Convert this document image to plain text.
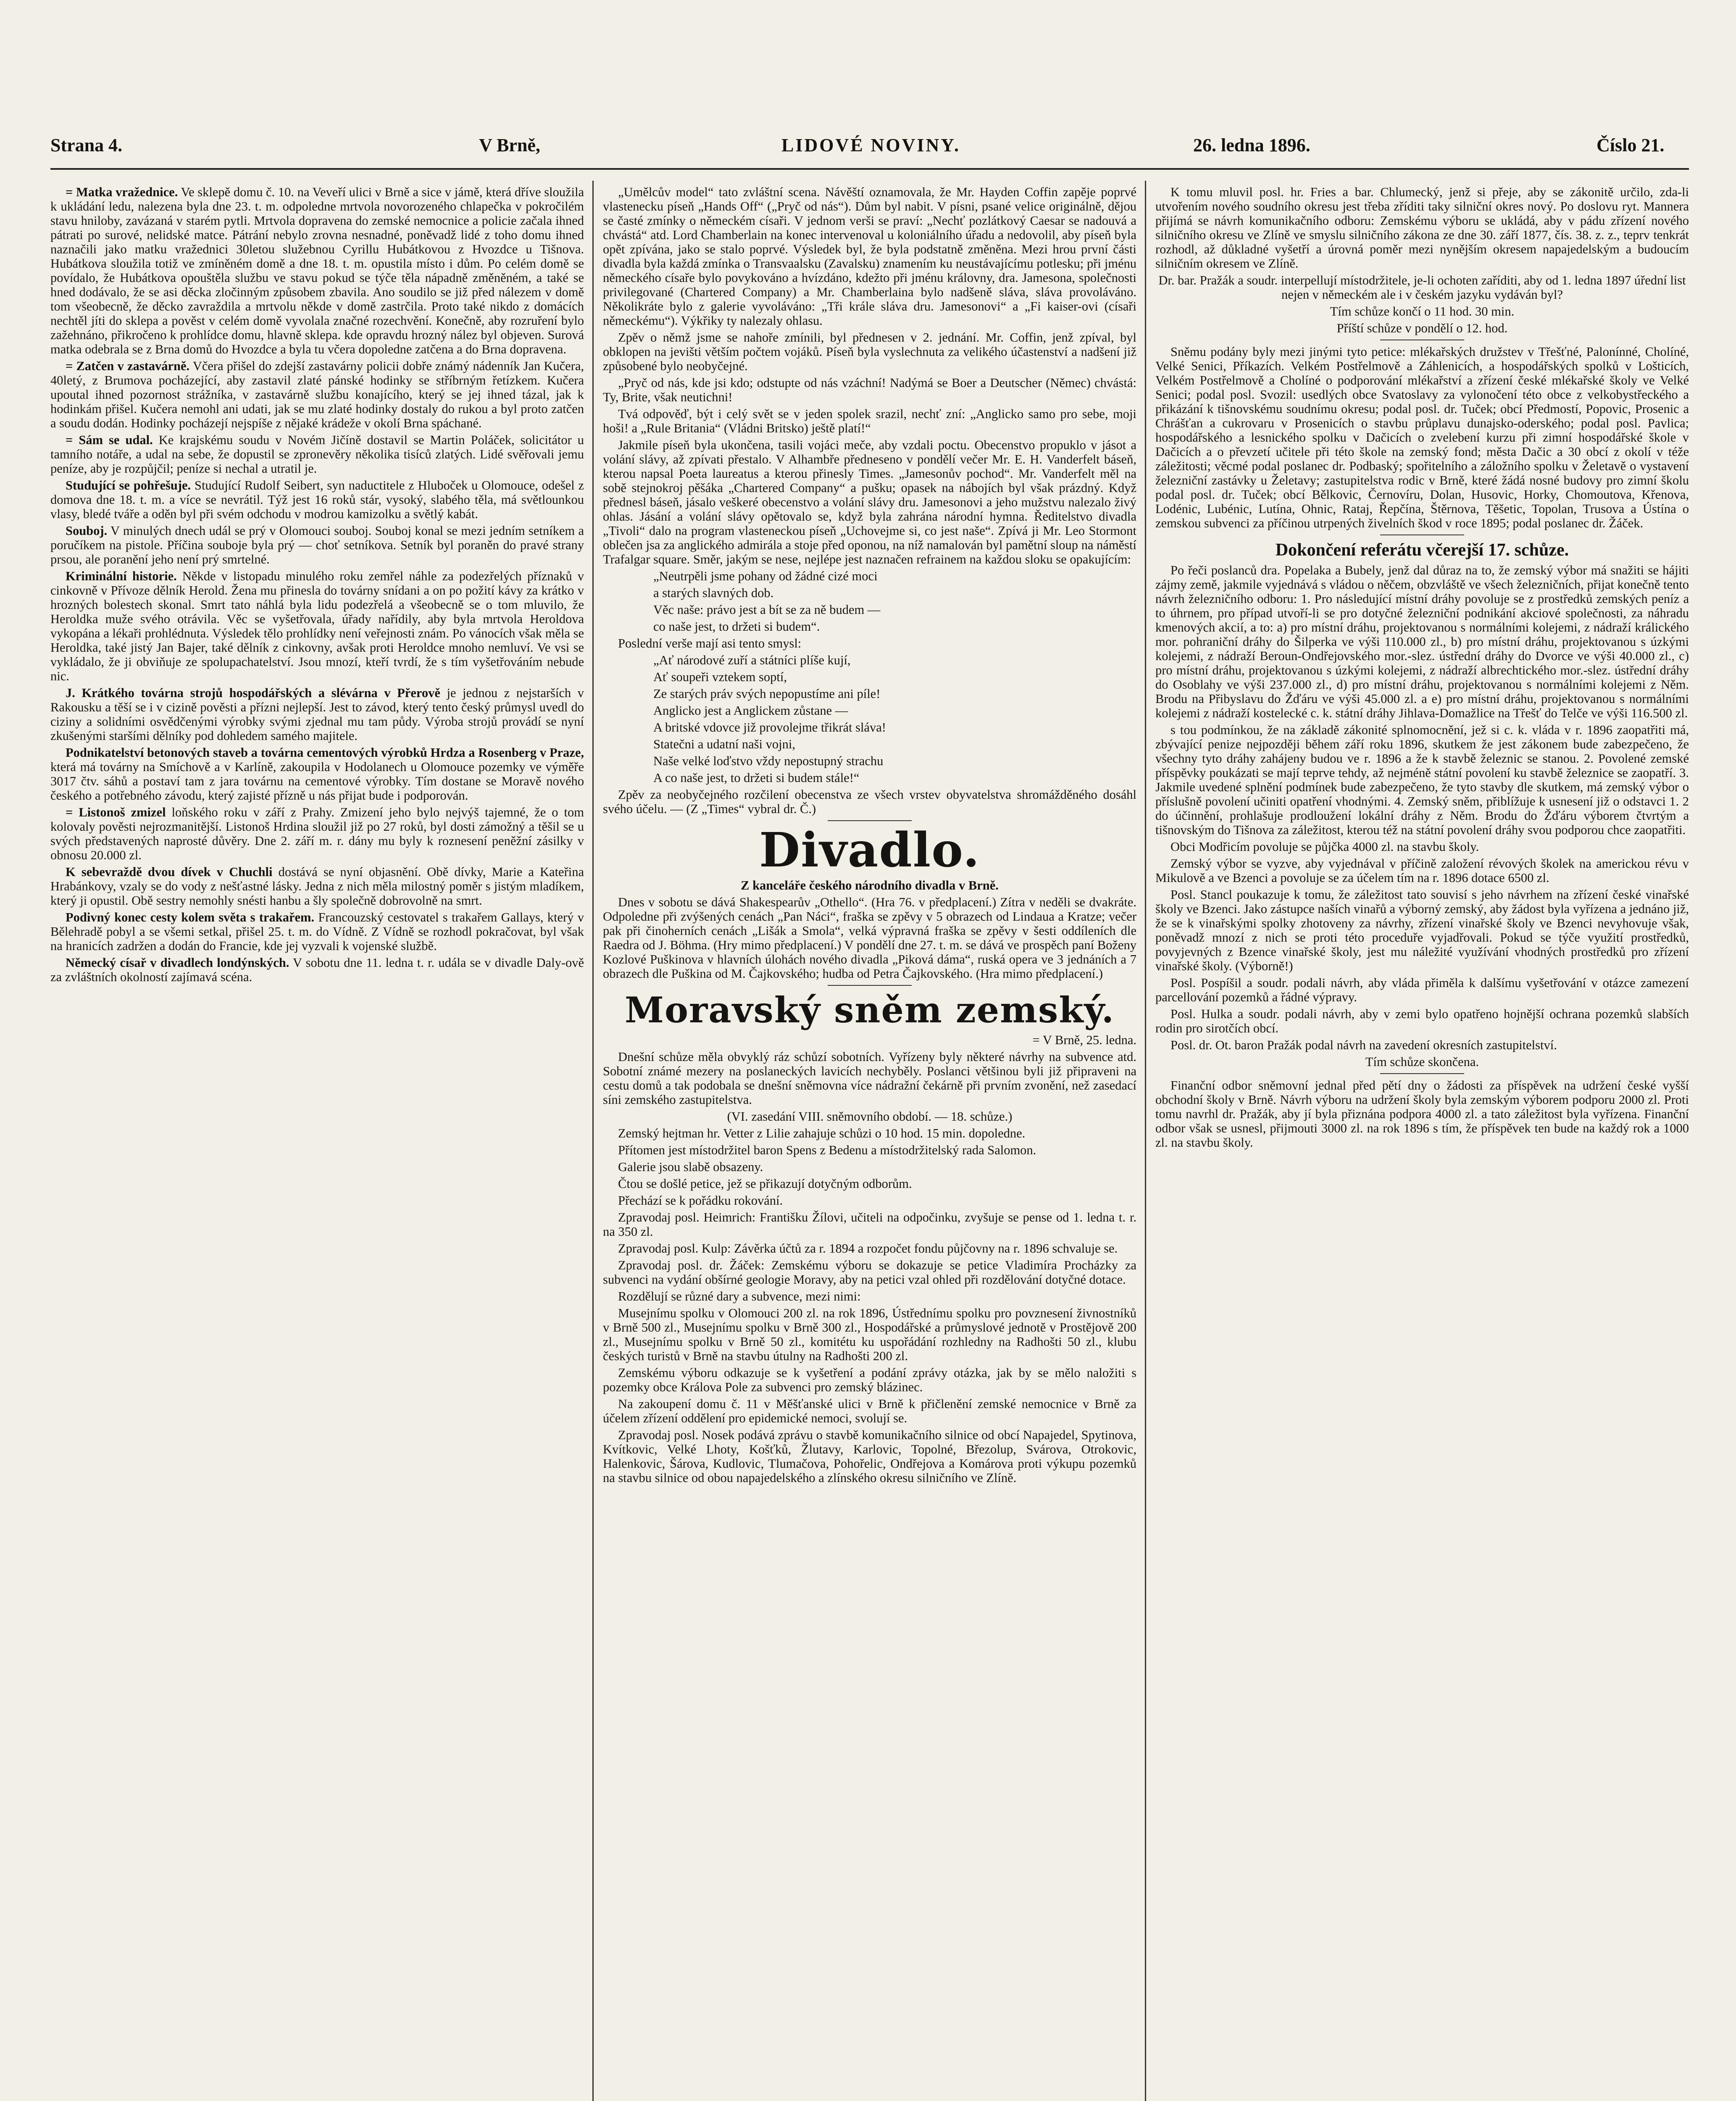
Strana 4.	V Brně,	LIDOVÉ NOVINY.	26. ledna 1896.	Číslo 21.

= Matka vražednice. Ve sklepě domu č. 10. na Veveří ulici v Brně a sice v jámě, která dříve sloužila k ukládání ledu, nalezena byla dne 23. t. m. odpoledne mrtvola novorozeného chlapečka v pokročilém stavu hniloby, zavázaná v starém pytli. Mrtvola dopravena do zemské nemocnice a policie začala ihned pátrati po surové, nelidské matce. Pátrání nebylo zrovna nesnadné, poněvadž lidé z toho domu ihned naznačili jako matku vražednici 30letou služebnou Cyrillu Hubátkovou z Hvozdce u Tišnova. Hubátkova sloužila totiž ve zmíněném domě a dne 18. t. m. opustila místo i dům. Po celém domě se povídalo, že Hubátkova opouštěla službu ve stavu pokud se týče těla nápadně změněném, a také se hned dodávalo, že se asi děcka zločinným způsobem zbavila. Ano soudilo se již před nálezem v domě tom všeobecně, že děcko zavraždila a mrtvolu někde v domě zastrčila. Proto také nikdo z domácích nechtěl jíti do sklepa a pověst v celém domě vyvolala značné rozechvění. Konečně, aby rozruření bylo zažehnáno, přikročeno k prohlídce domu, hlavně sklepa. kde opravdu hrozný nález byl objeven. Surová matka odebrala se z Brna domů do Hvozdce a byla tu včera dopoledne zatčena a do Brna dopravena.

= Zatčen v zastavárně. Včera přišel do zdejší zastavárny policii dobře známý nádenník Jan Kučera, 40letý, z Brumova pocházející, aby zastavil zlaté pánské hodinky se stříbrným řetízkem. Kučera upoutal ihned pozornost strážníka, v zastavárně službu konajícího, který se jej ihned tázal, jak k hodinkám přišel. Kučera nemohl ani udati, jak se mu zlaté hodinky dostaly do rukou a byl proto zatčen a soudu dodán. Hodinky pocházejí nejspíše z nějaké krádeže v okolí Brna spáchané.

= Sám se udal. Ke krajskému soudu v Novém Jičíně dostavil se Martin Poláček, solicitátor u tamního notáře, a udal na sebe, že dopustil se zpronevěry několika tisíců zlatých. Lidé svěřovali jemu peníze, aby je rozpůjčil; peníze si nechal a utratil je.

Studující se pohřešuje. Studující Rudolf Seibert, syn naductitele z Hluboček u Olomouce, odešel z domova dne 18. t. m. a více se nevrátil. Týž jest 16 roků stár, vysoký, slabého těla, má světlounkou vlasy, bledé tváře a oděn byl při svém odchodu v modrou kamizolku a světlý kabát.

Souboj. V minulých dnech udál se prý v Olomouci souboj. Souboj konal se mezi jedním setníkem a poručíkem na pistole. Příčina souboje byla prý — choť setníkova. Setník byl poraněn do pravé strany prsou, ale poranění jeho není prý smrtelné.

Kriminální historie. Někde v listopadu minulého roku zemřel náhle za podezřelých příznaků v cinkovně v Přívoze dělník Herold. Žena mu přinesla do továrny snídani a on po požití kávy za krátko v hrozných bolestech skonal. Smrt tato náhlá byla lidu podezřelá a všeobecně se o tom mluvilo, že Heroldka muže svého otrávila. Věc se vyšetřovala, úřady nařídily, aby byla mrtvola Heroldova vykopána a lékaři prohlédnuta. Výsledek tělo prohlídky není veřejnosti znám. Po vánocích však měla se Heroldka, také jistý Jan Bajer, také dělník z cinkovny, avšak proti Heroldce mnoho nemluví. Ve vsi se vykládalo, že ji obviňuje ze spolupachatelství. Jsou mnozí, kteří tvrdí, že s tím vyšetřováním nebude nic.

J. Krátkého továrna strojů hospodářských a slévárna v Přerově je jednou z nejstarších v Rakousku a těší se i v cizině pověsti a přízni nejlepší. Jest to závod, který tento český průmysl uvedl do ciziny a solidními osvědčenými výrobky svými zjednal mu tam půdy. Výroba strojů provádí se nyní zkušenými staršími dělníky pod dohledem samého majitele.

Podnikatelství betonových staveb a továrna cementových výrobků Hrdza a Rosenberg v Praze, která má továrny na Smíchově a v Karlíně, zakoupila v Hodolanech u Olomouce pozemky ve výměře 3017 čtv. sáhů a postaví tam z jara továrnu na cementové výrobky. Tím dostane se Moravě nového českého a potřebného závodu, který zajisté přízně u nás přijat bude i podporován.

= Listonoš zmizel loňského roku v září z Prahy. Zmizení jeho bylo nejvýš tajemné, že o tom kolovaly pověsti nejrozmanitější. Listonoš Hrdina sloužil již po 27 roků, byl dosti zámožný a těšil se u svých představených naprosté důvěry. Dne 2. září m. r. dány mu byly k roznesení peněžní zásilky v obnosu 20.000 zl.

K sebevraždě dvou dívek v Chuchli dostává se nyní objasnění. Obě dívky, Marie a Kateřina Hrabánkovy, vzaly se do vody z nešťastné lásky. Jedna z nich měla milostný poměr s jistým mladíkem, který ji opustil. Obě sestry nemohly snésti hanbu a šly společně dobrovolně na smrt.

Podivný konec cesty kolem světa s trakařem. Francouzský cestovatel s trakařem Gallays, který v Bělehradě pobyl a se všemi setkal, přišel 25. t. m. do Vídně. Z Vídně se rozhodl pokračovat, byl však na hranicích zadržen a dodán do Francie, kde jej vyzvali k vojenské službě.

Německý císař v divadlech londýnských. V sobotu dne 11. ledna t. r. udála se v divadle Daly-ově za zvláštních okolností zajímavá scéna.

„Umělcův model“ tato zvláštní scena. Návěští oznamovala, že Mr. Hayden Coffin zapěje poprvé vlastenecku píseň „Hands Off“ („Pryč od nás“). Dům byl nabit. V písni, psané velice originálně, dějou se časté zmínky o německém císaři. V jednom verši se praví: „Nechť pozlátkový Caesar se nadouvá a chvástá“ atd. Lord Chamberlain na konec intervenoval u koloniálního úřadu a nedovolil, aby píseň byla opět zpívána, jako se stalo poprvé. Výsledek byl, že byla podstatně změněna. Mezi hrou první části divadla byla každá zmínka o Transvaalsku (Zavalsku) znamením ku neustávajícímu potlesku; při jménu německého císaře bylo povykováno a hvízdáno, kdežto při jménu královny, dra. Jamesona, společnosti privilegované (Chartered Company) a Mr. Chamberlaina bylo nadšeně sláva, sláva provoláváno. Několikráte bylo z galerie vyvoláváno: „Tři krále sláva dru. Jamesonovi“ a „Fi kaiser-ovi (císaři německému“). Výkřiky ty nalezaly ohlasu.

Zpěv o němž jsme se nahoře zmínili, byl přednesen v 2. jednání. Mr. Coffin, jenž zpíval, byl obklopen na jevišti větším počtem vojáků. Píseň byla vyslechnuta za velikého účastenství a nadšení již způsobené bylo neobyčejné.

„Pryč od nás, kde jsi kdo; odstupte od nás vzáchní! Nadýmá se Boer a Deutscher (Němec) chvástá: Ty, Brite, však neutichni!

Tvá odpověď, být i celý svět se v jeden spolek srazil, nechť zní: „Anglicko samo pro sebe, moji hoši! a „Rule Britania“ (Vládni Britsko) ještě platí!“

Jakmile píseň byla ukončena, tasili vojáci meče, aby vzdali poctu. Obecenstvo propuklo v jásot a volání slávy, až zpívati přestalo. V Alhambře předneseno v pondělí večer Mr. E. H. Vanderfelt báseň, kterou napsal Poeta laureatus a kterou přinesly Times. „Jamesonův pochod“. Mr. Vanderfelt měl na sobě stejnokroj pěšáka „Chartered Company“ a pušku; opasek na nábojích byl však prázdný. Když přednesl báseň, jásalo veškeré obecenstvo a volání slávy dru. Jamesonovi a jeho mužstvu nalezalo živý ohlas. Jásání a volání slávy opětovalo se, když byla zahrána národní hymna. Ředitelstvo divadla „Tivoli“ dalo na program vlasteneckou píseň „Uchovejme si, co jest naše“. Zpívá ji Mr. Leo Stormont oblečen jsa za anglického admirála a stoje před oponou, na níž namalován byl pamětní sloup na náměstí Trafalgar square. Směr, jakým se nese, nejlépe jest naznačen refrainem na každou sloku se opakujícím:

„Neutrpěli jsme pohany od žádné cizé moci

a starých slavných dob.

Věc naše: právo jest a bít se za ně budem —

co naše jest, to držeti si budem“.

Poslední verše mají asi tento smysl:

„Ať národové zuří a státníci plíše kují,

Ať soupeři vztekem soptí,

Ze starých práv svých nepopustíme ani píle!

Anglicko jest a Anglickem zůstane —

A britské vdovce již provolejme třikrát sláva!

Statečni a udatní naši vojni,

Naše velké loďstvo vždy nepostupný strachu

A co naše jest, to držeti si budem stále!“

Zpěv za neobyčejného rozčilení obecenstva ze všech vrstev obyvatelstva shromážděného dosáhl svého účelu. — (Z „Times“ vybral dr. Č.)

Divadlo.

Z kanceláře českého národního divadla v Brně.

Dnes v sobotu se dává Shakespearův „Othello“. (Hra 76. v předplacení.) Zítra v neděli se dvakráte. Odpoledne při zvýšených cenách „Pan Náci“, fraška se zpěvy v 5 obrazech od Lindaua a Kratze; večer pak při činoherních cenách „Lišák a Smola“, velká výpravná fraška se zpěvy v šesti oddíleních dle Raedra od J. Böhma. (Hry mimo předplacení.) V pondělí dne 27. t. m. se dává ve prospěch paní Boženy Kozlové Puškinova v hlavních úlohách nového divadla „Piková dáma“, ruská opera ve 3 jednáních a 7 obrazech dle Puškina od M. Čajkovského; hudba od Petra Čajkovského. (Hra mimo předplacení.)

Moravský sněm zemský.

= V Brně, 25. ledna.

Dnešní schůze měla obvyklý ráz schůzí sobotních. Vyřízeny byly některé návrhy na subvence atd. Sobotní známé mezery na poslaneckých lavicích nechyběly. Poslanci většinou byli již připraveni na cestu domů a tak podobala se dnešní sněmovna více nádražní čekárně při prvním zvonění, než zasedací síni zemského zastupitelstva.

(VI. zasedání VIII. sněmovního období. — 18. schůze.)

Zemský hejtman hr. Vetter z Lilie zahajuje schůzi o 10 hod. 15 min. dopoledne.

Přítomen jest místodržitel baron Spens z Bedenu a místodržitelský rada Salomon.

Galerie jsou slabě obsazeny.

Čtou se došlé petice, jež se přikazují dotyčným odborům.

Přechází se k pořádku rokování.

Zpravodaj posl. Heimrich: Františku Žílovi, učiteli na odpočinku, zvyšuje se pense od 1. ledna t. r. na 350 zl.

Zpravodaj posl. Kulp: Závěrka účtů za r. 1894 a rozpočet fondu půjčovny na r. 1896 schvaluje se.

Zpravodaj posl. dr. Žáček: Zemskému výboru se dokazuje se petice Vladimíra Procházky za subvenci na vydání obšírné geologie Moravy, aby na petici vzal ohled při rozdělování dotyčné dotace.

Rozdělují se různé dary a subvence, mezi nimi:

Musejnímu spolku v Olomouci 200 zl. na rok 1896, Ústřednímu spolku pro povznesení živnostníků v Brně 500 zl., Musejnímu spolku v Brně 300 zl., Hospodářské a průmyslové jednotě v Prostějově 200 zl., Musejnímu spolku v Brně 50 zl., komitétu ku uspořádání rozhledny na Radhošti 50 zl., klubu českých turistů v Brně na stavbu útulny na Radhošti 200 zl.

Zemskému výboru odkazuje se k vyšetření a podání zprávy otázka, jak by se mělo naložiti s pozemky obce Králova Pole za subvenci pro zemský blázinec.

Na zakoupení domu č. 11 v Měšťanské ulici v Brně k přičlenění zemské nemocnice v Brně za účelem zřízení oddělení pro epidemické nemoci, svolují se.

Zpravodaj posl. Nosek podává zprávu o stavbě komunikačního silnice od obcí Napajedel, Spytinova, Kvítkovic, Velké Lhoty, Košťků, Žlutavy, Karlovic, Topolné, Březolup, Svárova, Otrokovic, Halenkovic, Šárova, Kudlovic, Tlumačova, Pohořelic, Ondřejova a Komárova proti výkupu pozemků na stavbu silnice od obou napajedelského a zlínského okresu silničního ve Zlíně.

K tomu mluvil posl. hr. Fries a bar. Chlumecký, jenž si přeje, aby se zákonitě určilo, zda-li utvořením nového soudního okresu jest třeba zříditi taky silniční okres nový. Po doslovu ryt. Mannera přijímá se návrh komunikačního odboru: Zemskému výboru se ukládá, aby v pádu zřízení nového silničního okresu ve Zlíně ve smyslu silničního zákona ze dne 30. září 1877, čís. 38. z. z., teprv tenkrát rozhodl, až důkladné vyšetří a úrovná poměr mezi nynějším okresem napajedelským a budoucím silničním okresem ve Zlíně.

Dr. bar. Pražák a soudr. interpellují místodržitele, je-li ochoten zaříditi, aby od 1. ledna 1897 úřední list nejen v německém ale i v českém jazyku vydáván byl?

Tím schůze končí o 11 hod. 30 min.

Příští schůze v pondělí o 12. hod.

Sněmu podány byly mezi jinými tyto petice: mlékařských družstev v Třešťné, Palonínné, Cholíné, Velké Senici, Příkazích. Velkém Postřelmově a Záhlenicích, a hospodářských spolků v Lošticích, Velkém Postřelmově a Cholíné o podporování mlékařství a zřízení české mlékařské školy ve Velké Senici; podal posl. Svozil: usedlých obce Svatoslavy za vylonočení této obce z velkobystřeckého a přikázání k tišnovskému soudnímu okresu; podal posl. dr. Tuček; obcí Předmostí, Popovic, Prosenic a Chrášťan a cukrovaru v Prosenicích o stavbu průplavu dunajsko-oderského; podal posl. Pavlica; hospodářského a lesnického spolku v Dačicích o zvelebení kurzu při zimní hospodářské škole v Dačicích a o převzetí učitele při této škole na zemský fond; města Dačic a 30 obcí z okolí v téže záležitosti; věcmé podal poslanec dr. Podbaský; spořitelního a záložního spolku v Želetavě o vystavení železniční zastávky u Želetavy; zastupitelstva rodic v Brně, které žádá nosné budovy pro zimní školu podal posl. dr. Tuček; obcí Bělkovic, Černovíru, Dolan, Husovic, Horky, Chomoutova, Křenova, Lodénic, Lubénic, Lutína, Ohnic, Rataj, Řepčína, Štěrnova, Těšetic, Topolan, Trusova a Ústína o zemskou subvenci za příčinou utrpených živelních škod v roce 1895; podal poslanec dr. Žáček.

Dokončení referátu včerejší 17. schůze.

Po řeči poslanců dra. Popelaka a Bubely, jenž dal důraz na to, že zemský výbor má snažiti se hájiti zájmy země, jakmile vyjednává s vládou o něčem, obzvláště ve všech železničních, přijat konečně tento návrh železničního odboru: 1. Pro následující místní dráhy povoluje se z prostředků zemských peníz a to úhrnem, pro případ utvoří-li se pro dotyčné železniční podnikání akciové společnosti, za náhradu kmenových akcií, a to: a) pro místní dráhu, projektovanou s normálními kolejemi, z nádraží králického mor. pohraniční dráhy do Šilperka ve výši 110.000 zl., b) pro místní dráhu, projektovanou s úzkými kolejemi, z nádraží Beroun-Ondřejovského mor.-slez. ústřední dráhy do Dvorce ve výši 40.000 zl., c) pro místní dráhu, projektovanou s úzkými kolejemi, z nádraží albrechtického mor.-slez. ústřední dráhy do Osoblahy ve výši 237.000 zl., d) pro místní dráhu, projektovanou s normálními kolejemi z Něm. Brodu na Přibyslavu do Žďáru ve výši 45.000 zl. a e) pro místní dráhu, projektovanou s normálními kolejemi z nádraží kostelecké c. k. státní dráhy Jihlava-Domažlice na Třešť do Telče ve výši 116.500 zl.

s tou podmínkou, že na základě zákonité splnomocnění, jež si c. k. vláda v r. 1896 zaopatřiti má, zbývající penize nejpozději během září roku 1896, skutkem že jest zákonem bude zabezpečeno, že všechny tyto dráhy zahájeny budou ve r. 1896 a že k stavbě železnic se stanou. 2. Povolené zemské příspěvky poukázati se mají teprve tehdy, až nejméně státní povolení ku stavbě železnice se zaopatří. 3. Jakmile uvedené splnění podmínek bude zabezpečeno, že tyto stavby dle skutkem, má zemský výbor o příslušně povolení učiniti opatření vhodnými. 4. Zemský sněm, přiblížuje k usnesení již o odstavci 1. 2 do účinnění, prohlašuje prodloužení lokální dráhy z Něm. Brodu do Žďáru výborem čtvrtým a tišnovským do Tišnova za záležitost, kterou též na státní povolení dráhy svou podporou chce zaopatřiti.

Obci Modřicím povoluje se půjčka 4000 zl. na stavbu školy.

Zemský výbor se vyzve, aby vyjednával v příčině založení révových školek na americkou révu v Mikulově a ve Bzenci a povoluje se za účelem tím na r. 1896 dotace 6500 zl.

Posl. Stancl poukazuje k tomu, že záležitost tato souvisí s jeho návrhem na zřízení české vinařské školy ve Bzenci. Jako zástupce naších vinařů a výborný zemský, aby žádost byla vyřízena a jednáno již, že se k vinařskými spolky zhotoveny za návrhy, zřízení vinařské školy ve Bzenci nevyhovuje však, poněvadž mnozí z nich se proti této proceduře vyjadřovali. Pokud se týče využití prostředků, povyjevných z Bzence vinařské školy, jest mu náležité využívání vhodných prostředků pro zřízení vinařské školy. (Výborně!)

Posl. Pospíšil a soudr. podali návrh, aby vláda přiměla k dalšímu vyšetřování v otázce zamezení parcellování pozemků a řádné výpravy.

Posl. Hulka a soudr. podali návrh, aby v zemi bylo opatřeno hojnější ochrana pozemků slabších rodin pro sirotčích obcí.

Posl. dr. Ot. baron Pražák podal návrh na zavedení okresních zastupitelství.

Tím schůze skončena.

Finanční odbor sněmovní jednal před pětí dny o žádosti za příspěvek na udržení české vyšší obchodní školy v Brně. Návrh výboru na udržení školy byla zemským výborem podporu 2000 zl. Proti tomu navrhl dr. Pražák, aby jí byla přiznána podpora 4000 zl. a tato záležitost byla vyřízena. Finanční odbor však se usnesl, přijmouti 3000 zl. na rok 1896 s tím, že příspěvek ten bude na každý rok a 1000 zl. na stavbu školy.
